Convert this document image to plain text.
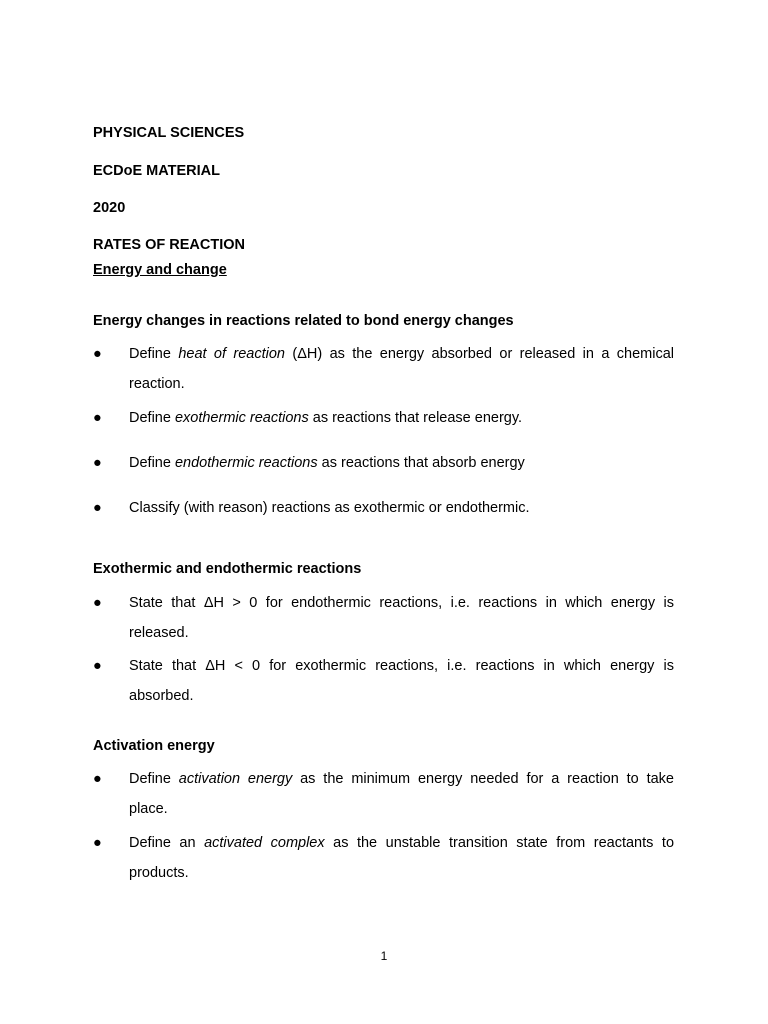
PHYSICAL SCIENCES
ECDoE MATERIAL
2020
RATES OF REACTION
Energy and change
Energy changes in reactions related to bond energy changes
● Define heat of reaction (ΔH) as the energy absorbed or released in a chemical
reaction.
● Define exothermic reactions as reactions that release energy.
● Define endothermic reactions as reactions that absorb energy
● Classify (with reason) reactions as exothermic or endothermic.
Exothermic and endothermic reactions
● State that ΔH > 0 for endothermic reactions, i.e. reactions in which energy is
released.
● State that ΔH < 0 for exothermic reactions, i.e. reactions in which energy is
absorbed.
Activation energy
● Define activation energy as the minimum energy needed for a reaction to take
place.
● Define an activated complex as the unstable transition state from reactants to
products.
1
